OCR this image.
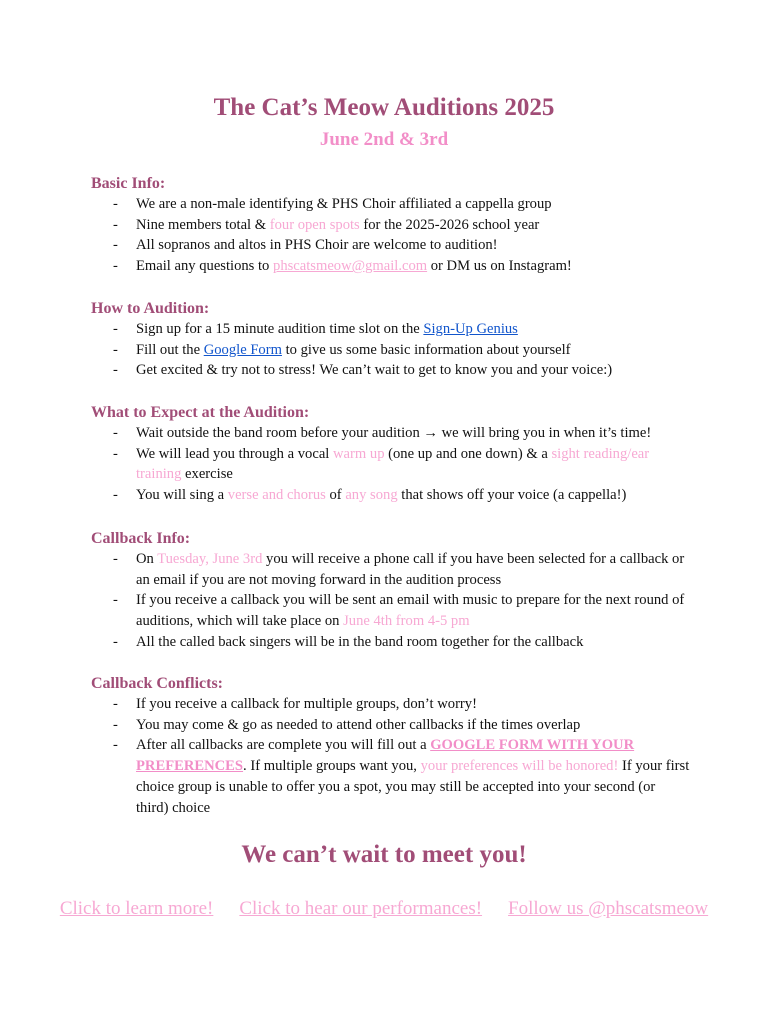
The Cat’s Meow Auditions 2025
June 2nd & 3rd
Basic Info:
- We are a non-male identifying & PHS Choir affiliated a cappella group
- Nine members total & four open spots for the 2025-2026 school year
- All sopranos and altos in PHS Choir are welcome to audition!
- Email any questions to phscatsmeow@gmail.com or DM us on Instagram!
How to Audition:
- Sign up for a 15 minute audition time slot on the Sign-Up Genius
- Fill out the Google Form to give us some basic information about yourself
- Get excited & try not to stress! We can’t wait to get to know you and your voice:)
What to Expect at the Audition:
- Wait outside the band room before your audition → we will bring you in when it’s time!
- We will lead you through a vocal warm up (one up and one down) & a sight reading/ear training exercise
- You will sing a verse and chorus of any song that shows off your voice (a cappella!)
Callback Info:
- On Tuesday, June 3rd you will receive a phone call if you have been selected for a callback or an email if you are not moving forward in the audition process
- If you receive a callback you will be sent an email with music to prepare for the next round of auditions, which will take place on June 4th from 4-5 pm
- All the called back singers will be in the band room together for the callback
Callback Conflicts:
- If you receive a callback for multiple groups, don’t worry!
- You may come & go as needed to attend other callbacks if the times overlap
- After all callbacks are complete you will fill out a GOOGLE FORM WITH YOUR PREFERENCES. If multiple groups want you, your preferences will be honored! If your first choice group is unable to offer you a spot, you may still be accepted into your second (or third) choice
We can’t wait to meet you!
Click to learn more! Click to hear our performances! Follow us @phscatsmeow
